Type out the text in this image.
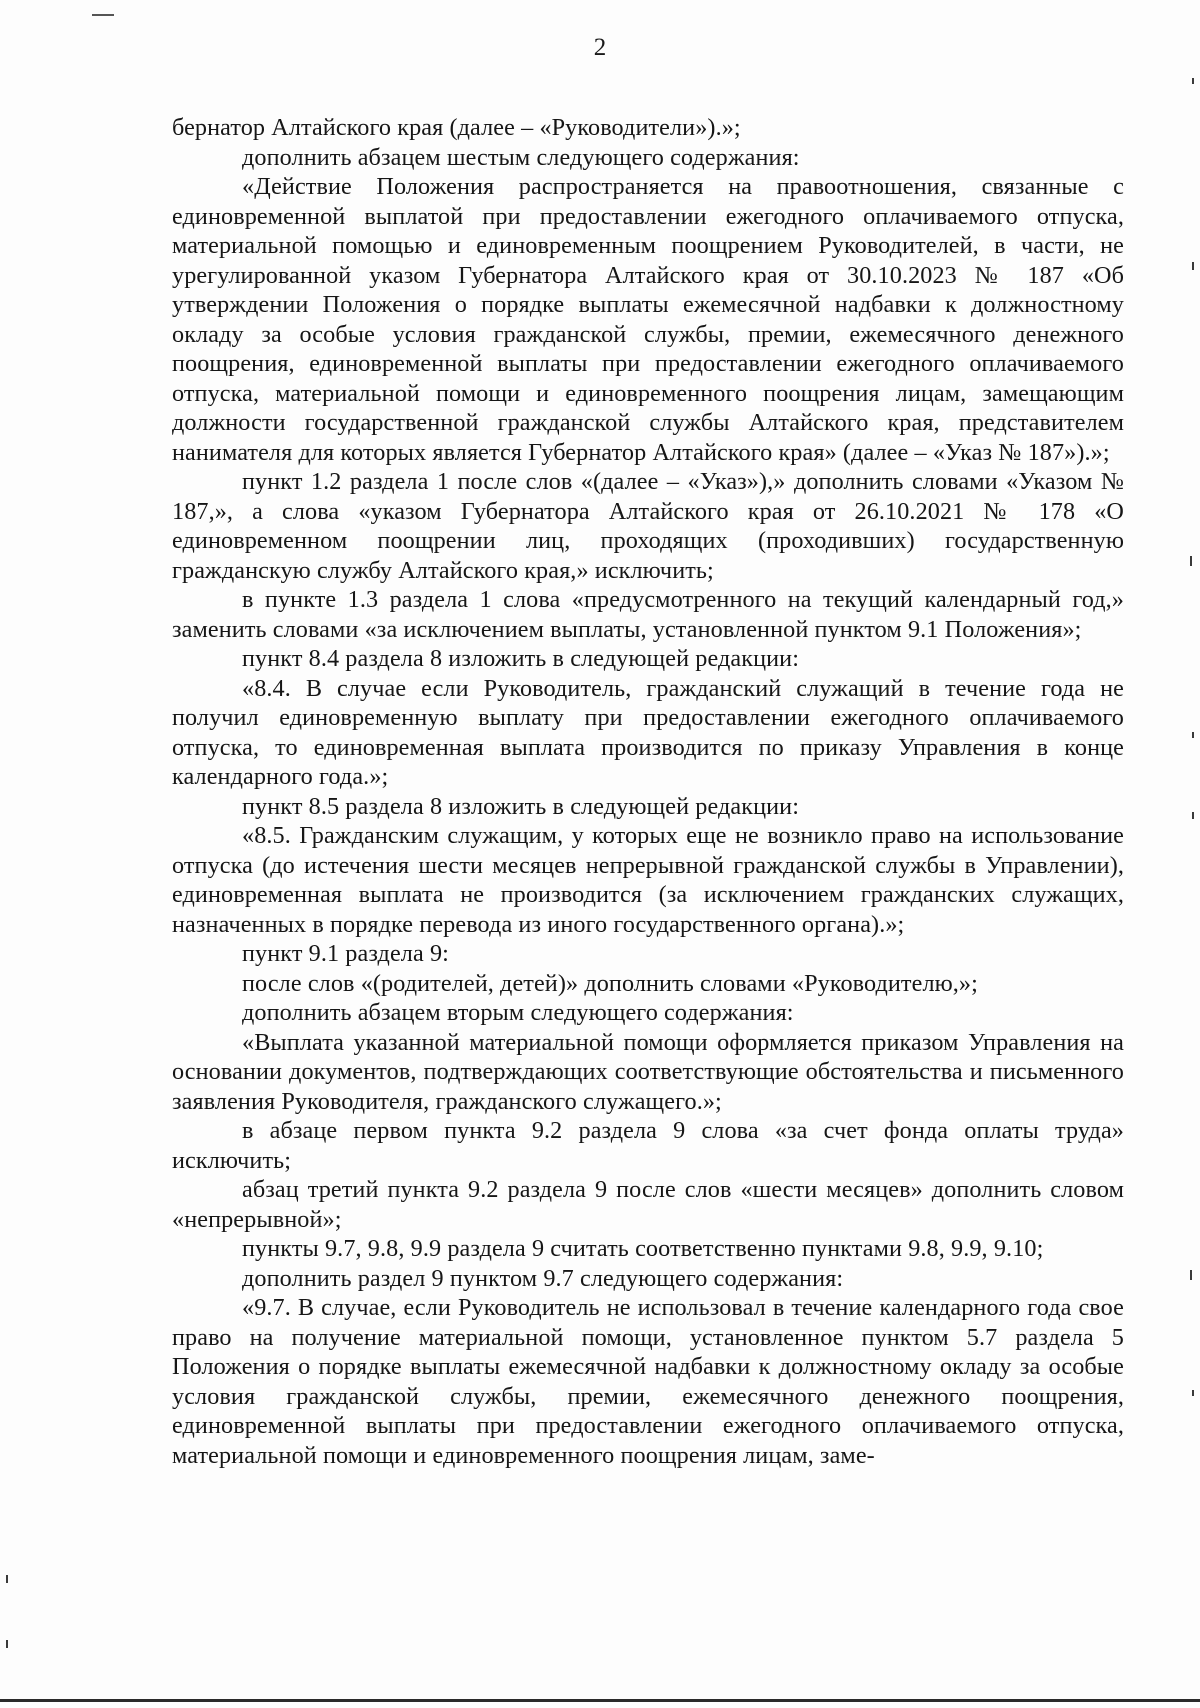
2

бернатор Алтайского края (далее – «Руководители»).»;

дополнить абзацем шестым следующего содержания:

«Действие Положения распространяется на правоотношения, связанные с единовременной выплатой при предоставлении ежегодного оплачиваемого отпуска, материальной помощью и единовременным поощрением Руководителей, в части, не урегулированной указом Губернатора Алтайского края от 30.10.2023 № 187 «Об утверждении Положения о порядке выплаты ежемесячной надбавки к должностному окладу за особые условия гражданской службы, премии, ежемесячного денежного поощрения, единовременной выплаты при предоставлении ежегодного оплачиваемого отпуска, материальной помощи и единовременного поощрения лицам, замещающим должности государственной гражданской службы Алтайского края, представителем нанимателя для которых является Губернатор Алтайского края» (далее – «Указ № 187»).»;

пункт 1.2 раздела 1 после слов «(далее – «Указ»),» дополнить словами «Указом № 187,», а слова «указом Губернатора Алтайского края от 26.10.2021 № 178 «О единовременном поощрении лиц, проходящих (проходивших) государственную гражданскую службу Алтайского края,» исключить;

в пункте 1.3 раздела 1 слова «предусмотренного на текущий календарный год,» заменить словами «за исключением выплаты, установленной пунктом 9.1 Положения»;

пункт 8.4 раздела 8 изложить в следующей редакции:

«8.4. В случае если Руководитель, гражданский служащий в течение года не получил единовременную выплату при предоставлении ежегодного оплачиваемого отпуска, то единовременная выплата производится по приказу Управления в конце календарного года.»;

пункт 8.5 раздела 8 изложить в следующей редакции:

«8.5. Гражданским служащим, у которых еще не возникло право на использование отпуска (до истечения шести месяцев непрерывной гражданской службы в Управлении), единовременная выплата не производится (за исключением гражданских служащих, назначенных в порядке перевода из иного государственного органа).»;

пункт 9.1 раздела 9:

после слов «(родителей, детей)» дополнить словами «Руководителю,»;

дополнить абзацем вторым следующего содержания:

«Выплата указанной материальной помощи оформляется приказом Управления на основании документов, подтверждающих соответствующие обстоятельства и письменного заявления Руководителя, гражданского служащего.»;

в абзаце первом пункта 9.2 раздела 9 слова «за счет фонда оплаты труда» исключить;

абзац третий пункта 9.2 раздела 9 после слов «шести месяцев» дополнить словом «непрерывной»;

пункты 9.7, 9.8, 9.9 раздела 9 считать соответственно пунктами 9.8, 9.9, 9.10;

дополнить раздел 9 пунктом 9.7 следующего содержания:

«9.7. В случае, если Руководитель не использовал в течение календарного года свое право на получение материальной помощи, установленное пунктом 5.7 раздела 5 Положения о порядке выплаты ежемесячной надбавки к должностному окладу за особые условия гражданской службы, премии, ежемесячного денежного поощрения, единовременной выплаты при предоставлении ежегодного оплачиваемого отпуска, материальной помощи и единовременного поощрения лицам, заме-
